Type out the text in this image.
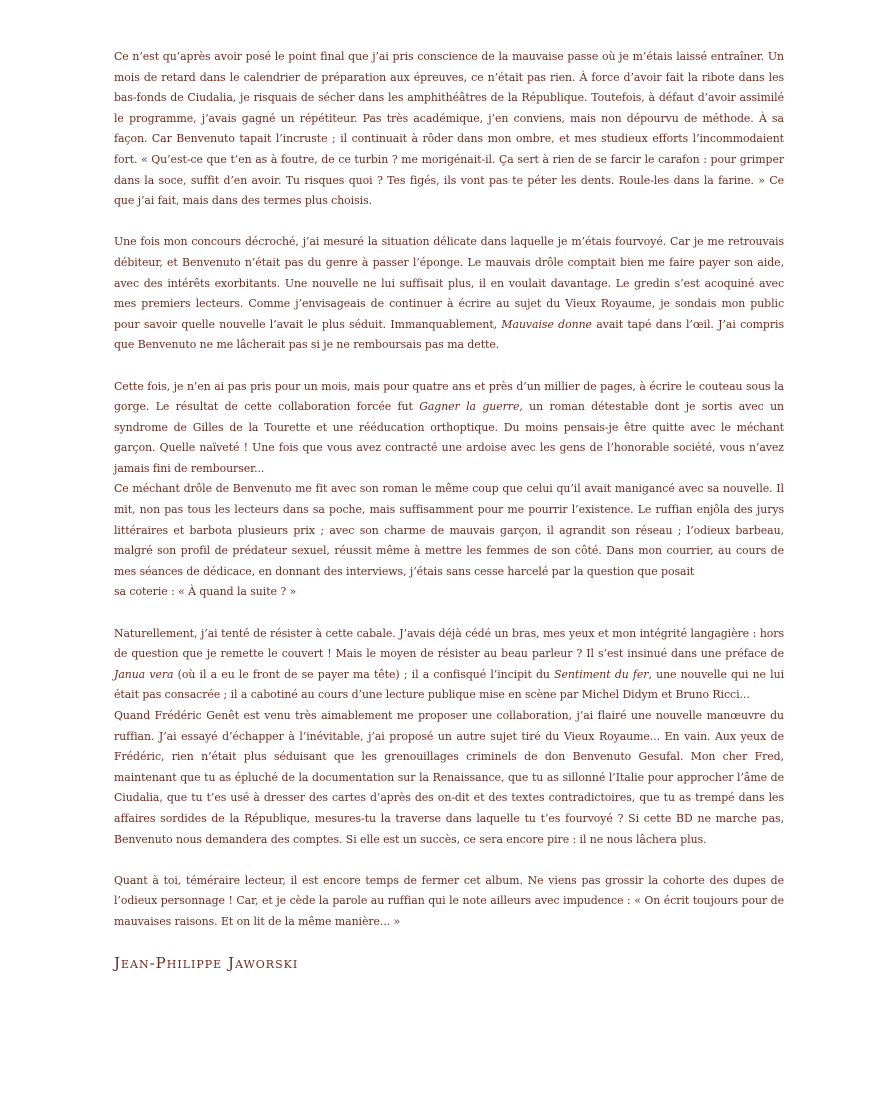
Ce n’est qu’après avoir posé le point final que j’ai pris conscience de la mauvaise passe où je m’étais laissé entraîner. Un mois de retard dans le calendrier de préparation aux épreuves, ce n’était pas rien. À force d’avoir fait la ribote dans les bas-fonds de Ciudalia, je risquais de sécher dans les amphithéâtres de la République. Toutefois, à défaut d’avoir assimilé le programme, j’avais gagné un répétiteur. Pas très académique, j’en conviens, mais non dépourvu de méthode. À sa façon. Car Benvenuto tapait l’incruste ; il continuait à rôder dans mon ombre, et mes studieux efforts l’incommodaient fort. « Qu’est-ce que t’en as à foutre, de ce turbin ? me morigénait-il. Ça sert à rien de se farcir le carafon : pour grimper dans la soce, suffit d’en avoir. Tu risques quoi ? Tes figés, ils vont pas te péter les dents. Roule-les dans la farine. » Ce que j’ai fait, mais dans des termes plus choisis.

Une fois mon concours décroché, j’ai mesuré la situation délicate dans laquelle je m’étais fourvoyé. Car je me retrouvais débiteur, et Benvenuto n’était pas du genre à passer l’éponge. Le mauvais drôle comptait bien me faire payer son aide, avec des intérêts exorbitants. Une nouvelle ne lui suffisait plus, il en voulait davantage. Le gredin s’est acoquiné avec mes premiers lecteurs. Comme j’envisageais de continuer à écrire au sujet du Vieux Royaume, je sondais mon public pour savoir quelle nouvelle l’avait le plus séduit. Immanquablement, Mauvaise donne avait tapé dans l’œil. J’ai compris que Benvenuto ne me lâcherait pas si je ne remboursais pas ma dette.

Cette fois, je n’en ai pas pris pour un mois, mais pour quatre ans et près d’un millier de pages, à écrire le couteau sous la gorge. Le résultat de cette collaboration forcée fut Gagner la guerre, un roman détestable dont je sortis avec un syndrome de Gilles de la Tourette et une rééducation orthoptique. Du moins pensais-je être quitte avec le méchant garçon. Quelle naïveté ! Une fois que vous avez contracté une ardoise avec les gens de l’honorable société, vous n’avez jamais fini de rembourser...

Ce méchant drôle de Benvenuto me fit avec son roman le même coup que celui qu’il avait manigancé avec sa nouvelle. Il mit, non pas tous les lecteurs dans sa poche, mais suffisamment pour me pourrir l’existence. Le ruffian enjôla des jurys littéraires et barbota plusieurs prix ; avec son charme de mauvais garçon, il agrandit son réseau ; l’odieux barbeau, malgré son profil de prédateur sexuel, réussit même à mettre les femmes de son côté. Dans mon courrier, au cours de mes séances de dédicace, en donnant des interviews, j’étais sans cesse harcelé par la question que posait

sa coterie : « À quand la suite ? »

Naturellement, j’ai tenté de résister à cette cabale. J’avais déjà cédé un bras, mes yeux et mon intégrité langagière : hors de question que je remette le couvert ! Mais le moyen de résister au beau parleur ? Il s’est insinué dans une préface de Janua vera (où il a eu le front de se payer ma tête) ; il a confisqué l’incipit du Sentiment du fer, une nouvelle qui ne lui était pas consacrée ; il a cabotiné au cours d’une lecture publique mise en scène par Michel Didym et Bruno Ricci...

Quand Frédéric Genêt est venu très aimablement me proposer une collaboration, j’ai flairé une nouvelle manœuvre du ruffian. J’ai essayé d’échapper à l’inévitable, j’ai proposé un autre sujet tiré du Vieux Royaume... En vain. Aux yeux de Frédéric, rien n’était plus séduisant que les grenouillages criminels de don Benvenuto Gesufal. Mon cher Fred, maintenant que tu as épluché de la documentation sur la Renaissance, que tu as sillonné l’Italie pour approcher l’âme de Ciudalia, que tu t’es usé à dresser des cartes d’après des on-dit et des textes contradictoires, que tu as trempé dans les affaires sordides de la République, mesures-tu la traverse dans laquelle tu t’es fourvoyé ? Si cette BD ne marche pas, Benvenuto nous demandera des comptes. Si elle est un succès, ce sera encore pire : il ne nous lâchera plus.

Quant à toi, téméraire lecteur, il est encore temps de fermer cet album. Ne viens pas grossir la cohorte des dupes de l’odieux personnage ! Car, et je cède la parole au ruffian qui le note ailleurs avec impudence : « On écrit toujours pour de mauvaises raisons. Et on lit de la même manière... »

Jean-Philippe Jaworski
